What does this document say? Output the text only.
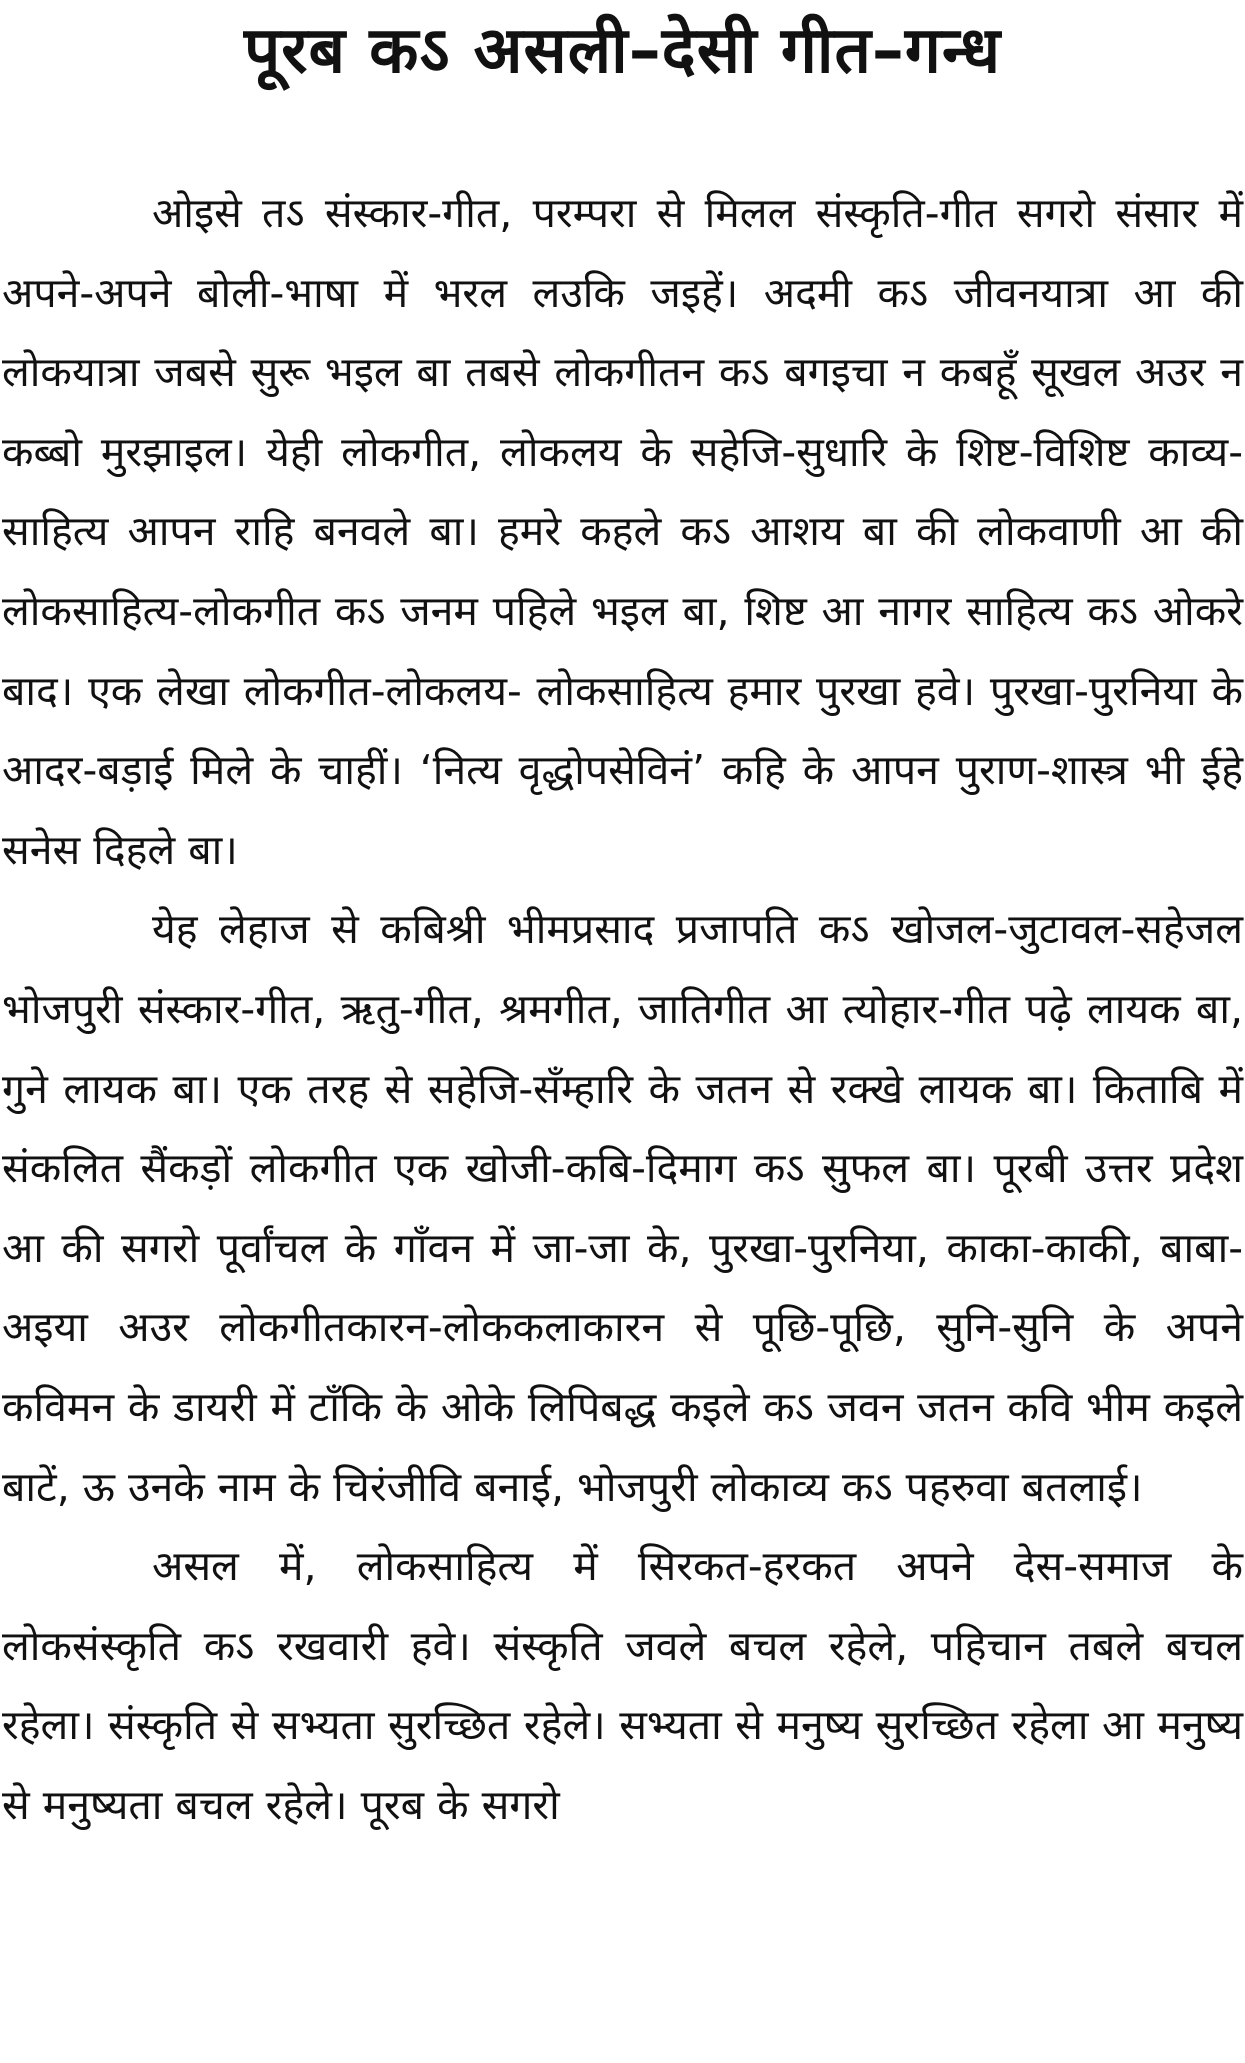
पूरब कऽ असली–देसी गीत–गन्ध

ओइसे तऽ संस्कार-गीत, परम्परा से मिलल संस्कृति-गीत सगरो संसार में अपने-अपने बोली-भाषा में भरल लउकि जइहें। अदमी कऽ जीवनयात्रा आ की लोकयात्रा जबसे सुरू भइल बा तबसे लोकगीतन कऽ बगइचा न कबहूँ सूखल अउर न कब्बो मुरझाइल। येही लोकगीत, लोकलय के सहेजि-सुधारि के शिष्ट-विशिष्ट काव्य-साहित्य आपन राहि बनवले बा। हमरे कहले कऽ आशय बा की लोकवाणी आ की लोकसाहित्य-लोकगीत कऽ जनम पहिले भइल बा, शिष्ट आ नागर साहित्य कऽ ओकरे बाद। एक लेखा लोकगीत-लोकलय- लोकसाहित्य हमार पुरखा हवे। पुरखा-पुरनिया के आदर-बड़ाई मिले के चाहीं। ‘नित्य वृद्धोपसेविनं’ कहि के आपन पुराण-शास्त्र भी ईहे सनेस दिहले बा।

येह लेहाज से कबिश्री भीमप्रसाद प्रजापति कऽ खोजल-जुटावल-सहेजल भोजपुरी संस्कार-गीत, ऋतु-गीत, श्रमगीत, जातिगीत आ त्योहार-गीत पढ़े लायक बा, गुने लायक बा। एक तरह से सहेजि-सँम्हारि के जतन से रक्खे लायक बा। किताबि में संकलित सैंकड़ों लोकगीत एक खोजी-कबि-दिमाग कऽ सुफल बा। पूरबी उत्तर प्रदेश आ की सगरो पूर्वांचल के गाँवन में जा-जा के, पुरखा-पुरनिया, काका-काकी, बाबा-अइया अउर लोकगीतकारन-लोककलाकारन से पूछि-पूछि, सुनि-सुनि के अपने कविमन के डायरी में टाँकि के ओके लिपिबद्ध कइले कऽ जवन जतन कवि भीम कइले बाटें, ऊ उनके नाम के चिरंजीवि बनाई, भोजपुरी लोकाव्य कऽ पहरुवा बतलाई।

असल में, लोकसाहित्य में सिरकत-हरकत अपने देस-समाज के लोकसंस्कृति कऽ रखवारी हवे। संस्कृति जवले बचल रहेले, पहिचान तबले बचल रहेला। संस्कृति से सभ्यता सुरच्छित रहेले। सभ्यता से मनुष्य सुरच्छित रहेला आ मनुष्य से मनुष्यता बचल रहेले। पूरब के सगरो
